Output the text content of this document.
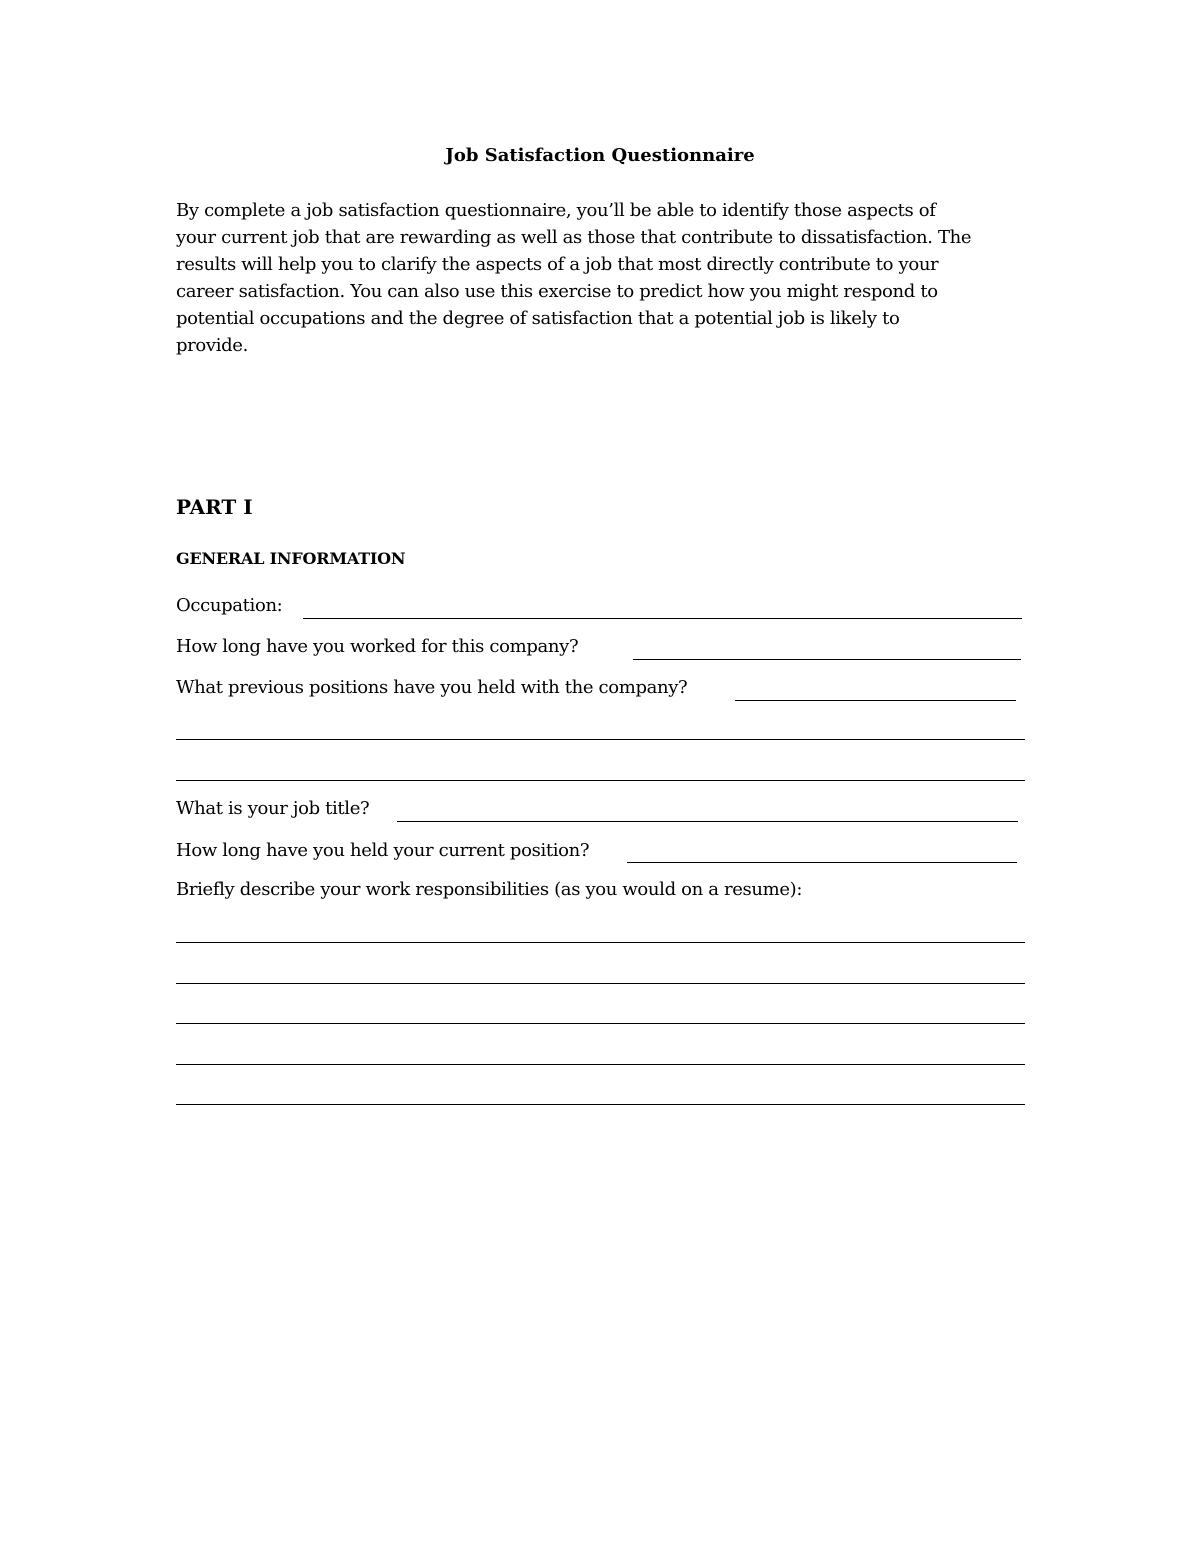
Job Satisfaction Questionnaire
By complete a job satisfaction questionnaire, you’ll be able to identify those aspects of
your current job that are rewarding as well as those that contribute to dissatisfaction. The
results will help you to clarify the aspects of a job that most directly contribute to your
career satisfaction. You can also use this exercise to predict how you might respond to
potential occupations and the degree of satisfaction that a potential job is likely to
provide.
PART I
GENERAL INFORMATION
Occupation:
How long have you worked for this company?
What previous positions have you held with the company?
What is your job title?
How long have you held your current position?
Briefly describe your work responsibilities (as you would on a resume):
